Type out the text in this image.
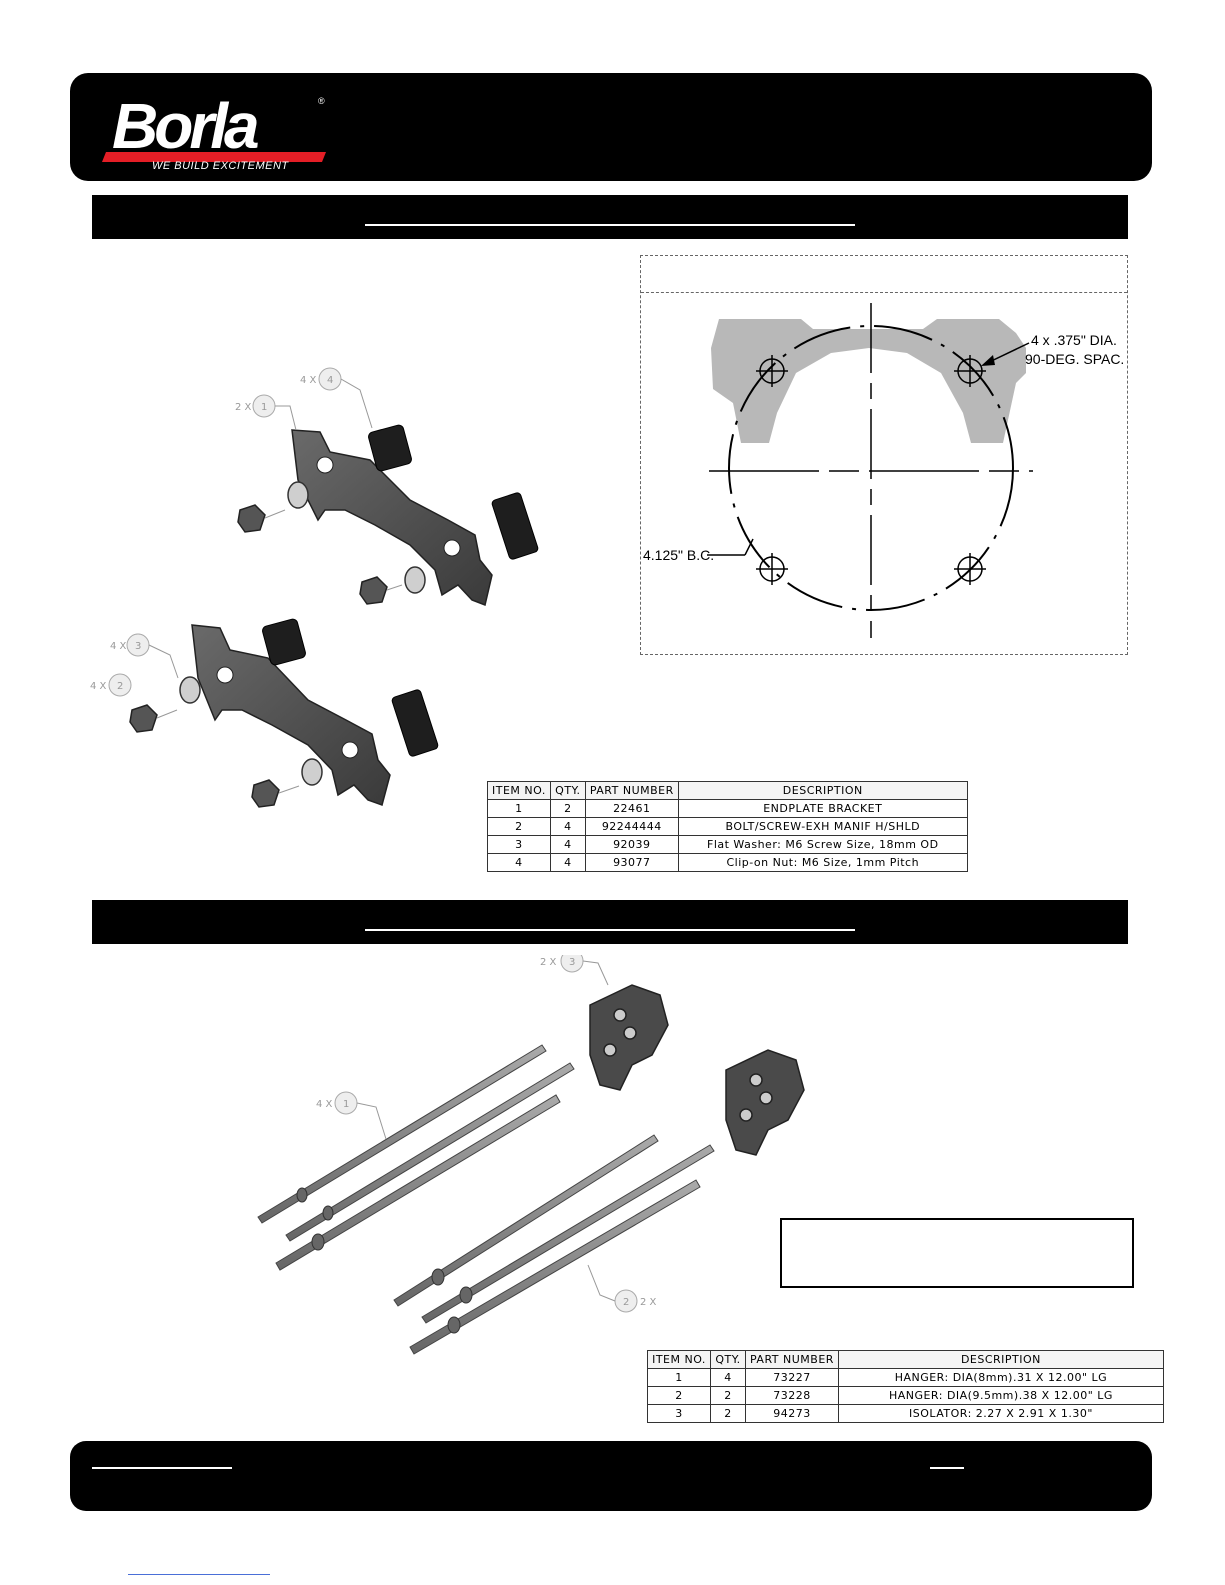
Borla	®
WE BUILD EXCITEMENT
2 X 1
4 X 4
4 X 3
4 X 2
4 x .375" DIA.
90-DEG. SPAC.
4.125" B.C.
ITEM NO.	QTY.	PART NUMBER	DESCRIPTION
1	2	22461	ENDPLATE BRACKET
2	4	92244444	BOLT/SCREW-EXH MANIF H/SHLD
3	4	92039	Flat Washer: M6 Screw Size, 18mm OD
4	4	93077	Clip-on Nut: M6 Size, 1mm Pitch
2 X 3
4 X 1
2 2 X
ITEM NO.	QTY.	PART NUMBER	DESCRIPTION
1	4	73227	HANGER: DIA(8mm).31 X 12.00" LG
2	2	73228	HANGER: DIA(9.5mm).38 X 12.00" LG
3	2	94273	ISOLATOR: 2.27 X 2.91 X 1.30"
